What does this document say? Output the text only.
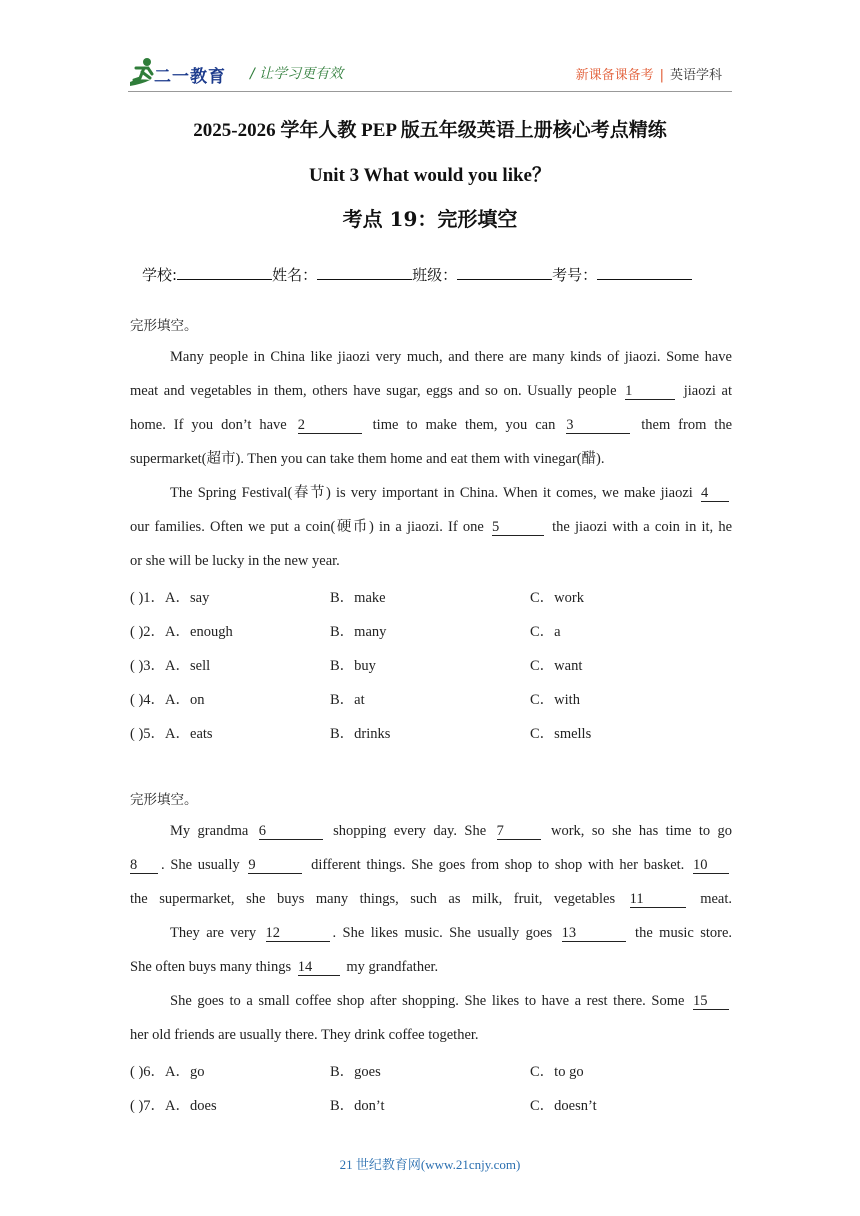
二一教育 / 让学习更有效	新课备课备考 | 英语学科
2025-2026 学年人教 PEP 版五年级英语上册核心考点精练
Unit 3 What would you like？
考点 19：完形填空
学校:	姓名：	班级：	考号：
完形填空。
Many people in China like jiaozi very much, and there are many kinds of jiaozi. Some have
meat and vegetables in them, others have sugar, eggs and so on. Usually people 1	jiaozi at
home. If you don’t have 2	time to make them, you can 3	them from the
supermarket(超市). Then you can take them home and eat them with vinegar(醋).
The Spring Festival(春节) is very important in China. When it comes, we make jiaozi 4
our families. Often we put a coin(硬币) in a jiaozi. If one 5	the jiaozi with a coin in it, he
or she will be lucky in the new year.
( )1．A．say	B．make	C．work
( )2．A．enough	B．many	C．a
( )3．A．sell	B．buy	C．want
( )4．A．on	B．at	C．with
( )5．A．eats	B．drinks	C．smells
完形填空。
My grandma 6	shopping every day. She 7	work, so she has time to go
8 . She usually 9	different things. She goes from shop to shop with her basket. 10
the supermarket, she buys many things, such as milk, fruit, vegetables 11	meat.
They are very 12	. She likes music. She usually goes 13	the music store.
She often buys many things 14 my grandfather.
She goes to a small coffee shop after shopping. She likes to have a rest there. Some 15
her old friends are usually there. They drink coffee together.
( )6．A．go	B．goes	C．to go
( )7．A．does	B．don’t	C．doesn’t
21 世纪教育网(www.21cnjy.com)
